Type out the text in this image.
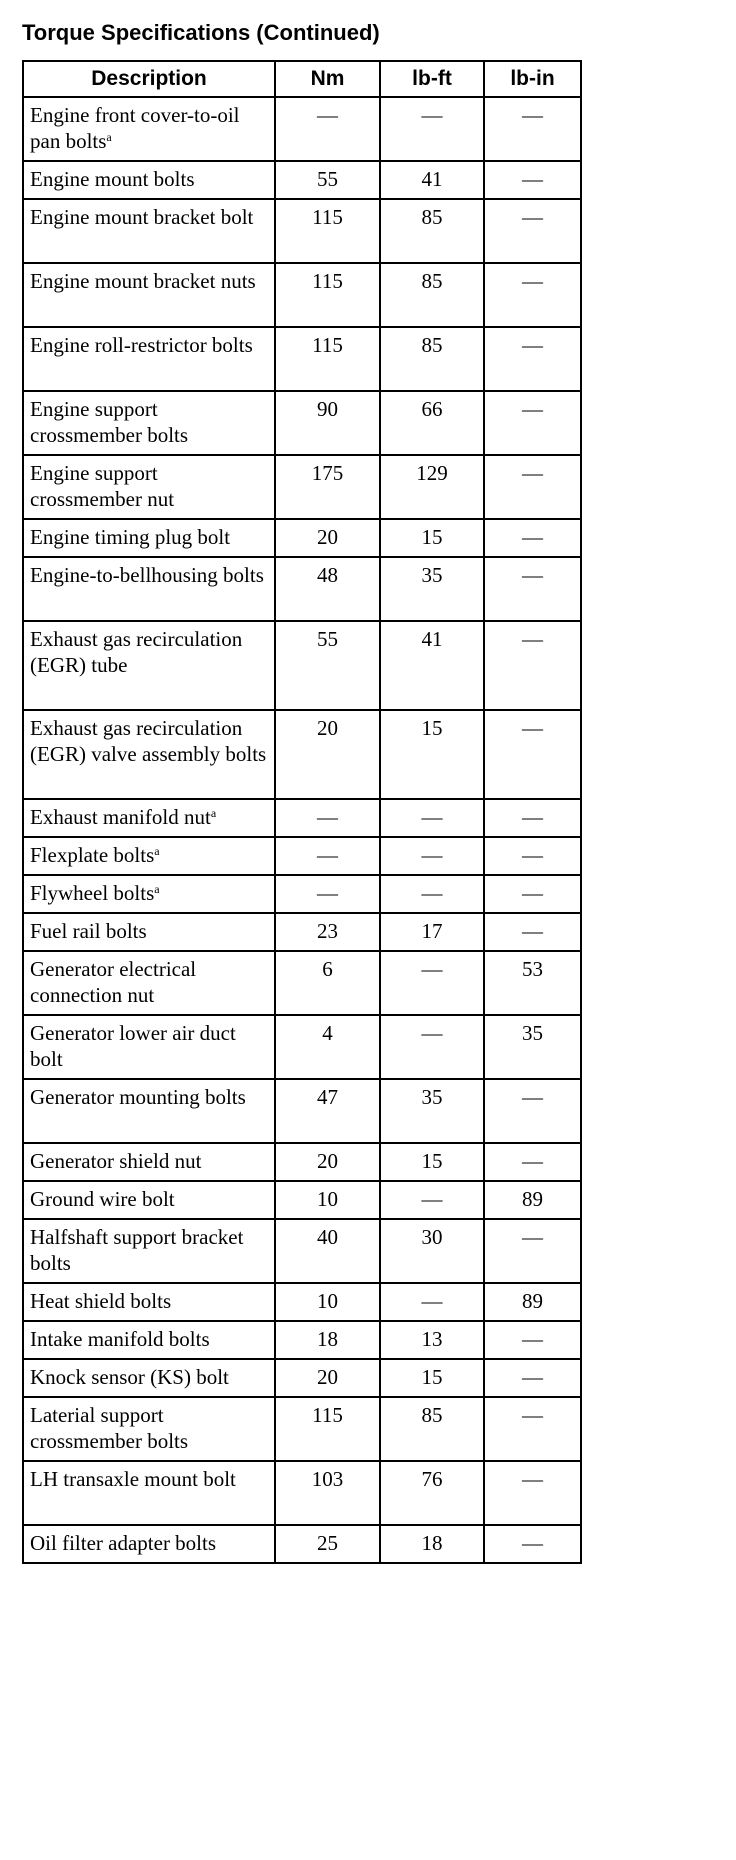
Torque Specifications (Continued)
Description	Nm	lb-ft	lb-in
Engine front cover-to-oil pan bolts$^a$	—	—	—
Engine mount bolts	55	41	—
Engine mount bracket bolt	115	85	—
Engine mount bracket nuts	115	85	—
Engine roll-restrictor bolts	115	85	—
Engine support crossmember bolts	90	66	—
Engine support crossmember nut	175	129	—
Engine timing plug bolt	20	15	—
Engine-to-bellhousing bolts	48	35	—
Exhaust gas recirculation (EGR) tube	55	41	—
Exhaust gas recirculation (EGR) valve assembly bolts	20	15	—
Exhaust manifold nut$^a$	—	—	—
Flexplate bolts$^a$	—	—	—
Flywheel bolts$^a$	—	—	—
Fuel rail bolts	23	17	—
Generator electrical connection nut	6	—	53
Generator lower air duct bolt	4	—	35
Generator mounting bolts	47	35	—
Generator shield nut	20	15	—
Ground wire bolt	10	—	89
Halfshaft support bracket bolts	40	30	—
Heat shield bolts	10	—	89
Intake manifold bolts	18	13	—
Knock sensor (KS) bolt	20	15	—
Laterial support crossmember bolts	115	85	—
LH transaxle mount bolt	103	76	—
Oil filter adapter bolts	25	18	—
